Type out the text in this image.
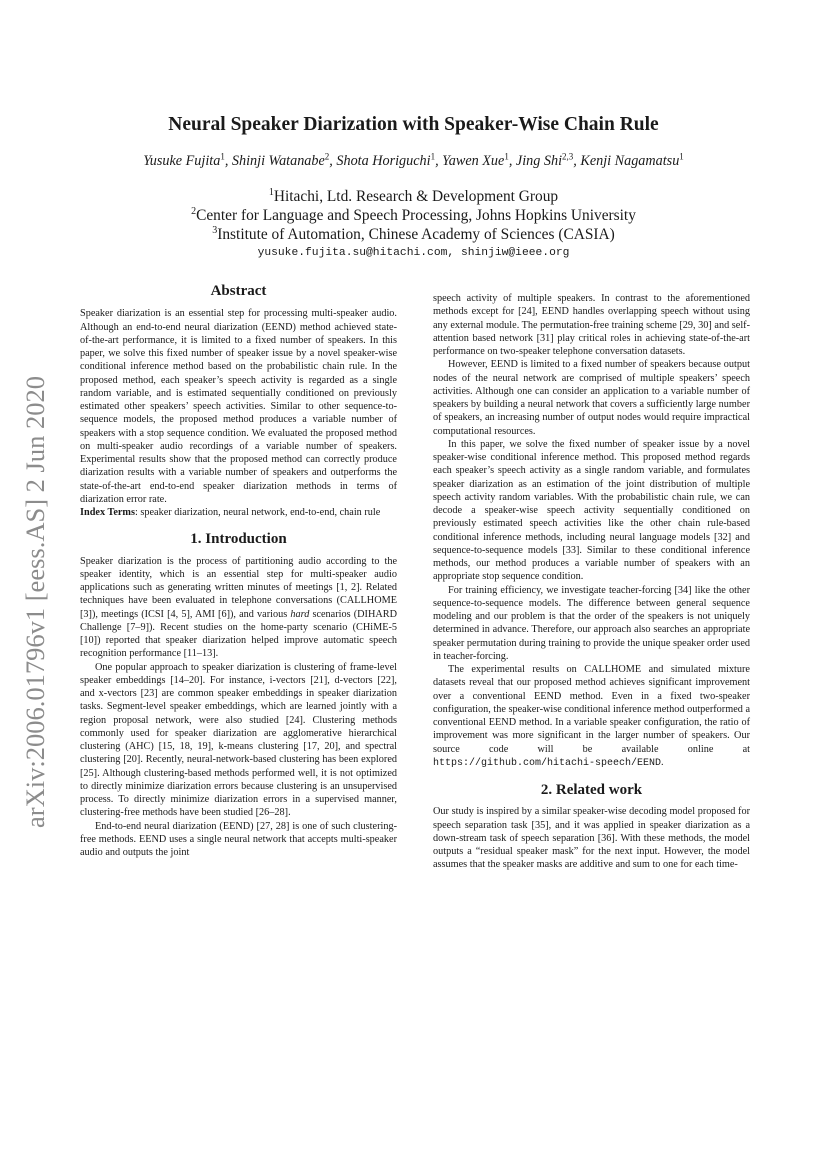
arXiv:2006.01796v1 [eess.AS] 2 Jun 2020
Neural Speaker Diarization with Speaker-Wise Chain Rule
Yusuke Fujita$^1$, Shinji Watanabe$^2$, Shota Horiguchi$^1$, Yawen Xue$^1$, Jing Shi$^{2,3}$, Kenji Nagamatsu$^1$
$^1$Hitachi, Ltd. Research & Development Group
$^2$Center for Language and Speech Processing, Johns Hopkins University
$^3$Institute of Automation, Chinese Academy of Sciences (CASIA)
yusuke.fujita.su@hitachi.com, shinjiw@ieee.org
Abstract

Speaker diarization is an essential step for processing multi-speaker audio. Although an end-to-end neural diarization (EEND) method achieved state-of-the-art performance, it is limited to a fixed number of speakers. In this paper, we solve this fixed number of speaker issue by a novel speaker-wise conditional inference method based on the probabilistic chain rule. In the proposed method, each speaker’s speech activity is regarded as a single random variable, and is estimated sequentially conditioned on previously estimated other speakers’ speech activities. Similar to other sequence-to-sequence models, the proposed method produces a variable number of speakers with a stop sequence condition. We evaluated the proposed method on multi-speaker audio recordings of a variable number of speakers. Experimental results show that the proposed method can correctly produce diarization results with a variable number of speakers and outperforms the state-of-the-art end-to-end speaker diarization methods in terms of diarization error rate.

Index Terms: speaker diarization, neural network, end-to-end, chain rule

1. Introduction

Speaker diarization is the process of partitioning audio according to the speaker identity, which is an essential step for multi-speaker audio applications such as generating written minutes of meetings [1, 2]. Related techniques have been evaluated in telephone conversations (CALLHOME [3]), meetings (ICSI [4, 5], AMI [6]), and various hard scenarios (DIHARD Challenge [7–9]). Recent studies on the home-party scenario (CHiME-5 [10]) reported that speaker diarization helped improve automatic speech recognition performance [11–13].

One popular approach to speaker diarization is clustering of frame-level speaker embeddings [14–20]. For instance, i-vectors [21], d-vectors [22], and x-vectors [23] are common speaker embeddings in speaker diarization tasks. Segment-level speaker embeddings, which are learned jointly with a region proposal network, were also studied [24]. Clustering methods commonly used for speaker diarization are agglomerative hierarchical clustering (AHC) [15, 18, 19], k-means clustering [17, 20], and spectral clustering [20]. Recently, neural-network-based clustering has been explored [25]. Although clustering-based methods performed well, it is not optimized to directly minimize diarization errors because clustering is an unsupervised process. To directly minimize diarization errors in a supervised manner, clustering-free methods have been studied [26–28].

End-to-end neural diarization (EEND) [27, 28] is one of such clustering-free methods. EEND uses a single neural network that accepts multi-speaker audio and outputs the joint

speech activity of multiple speakers. In contrast to the aforementioned methods except for [24], EEND handles overlapping speech without using any external module. The permutation-free training scheme [29, 30] and self-attention based network [31] play critical roles in achieving state-of-the-art performance on two-speaker telephone conversation datasets.

However, EEND is limited to a fixed number of speakers because output nodes of the neural network are comprised of multiple speakers’ speech activities. Although one can consider an application to a variable number of speakers by building a neural network that covers a sufficiently large number of speakers, an increasing number of output nodes would require impractical computational resources.

In this paper, we solve the fixed number of speaker issue by a novel speaker-wise conditional inference method. This proposed method regards each speaker’s speech activity as a single random variable, and formulates speaker diarization as an estimation of the joint distribution of multiple speech activity random variables. With the probabilistic chain rule, we can decode a speaker-wise speech activity sequentially conditioned on previously estimated speech activities like the other chain rule-based conditional inference methods, including neural language models [32] and sequence-to-sequence models [33]. Similar to these conditional inference methods, our method produces a variable number of speakers with an appropriate stop sequence condition.

For training efficiency, we investigate teacher-forcing [34] like the other sequence-to-sequence models. The difference between general sequence modeling and our problem is that the order of the speakers is not uniquely determined in advance. Therefore, our approach also searches an appropriate speaker permutation during training to provide the unique speaker order used in teacher-forcing.

The experimental results on CALLHOME and simulated mixture datasets reveal that our proposed method achieves significant improvement over a conventional EEND method. Even in a fixed two-speaker configuration, the speaker-wise conditional inference method outperformed a conventional EEND method. In a variable speaker configuration, the ratio of improvement was more significant in the larger number of speakers. Our source code will be available online at https://github.com/hitachi-speech/EEND.

2. Related work

Our study is inspired by a similar speaker-wise decoding model proposed for speech separation task [35], and it was applied in speaker diarization as a down-stream task of speech separation [36]. With these methods, the model outputs a “residual speaker mask” for the next input. However, the model assumes that the speaker masks are additive and sum to one for each time-
